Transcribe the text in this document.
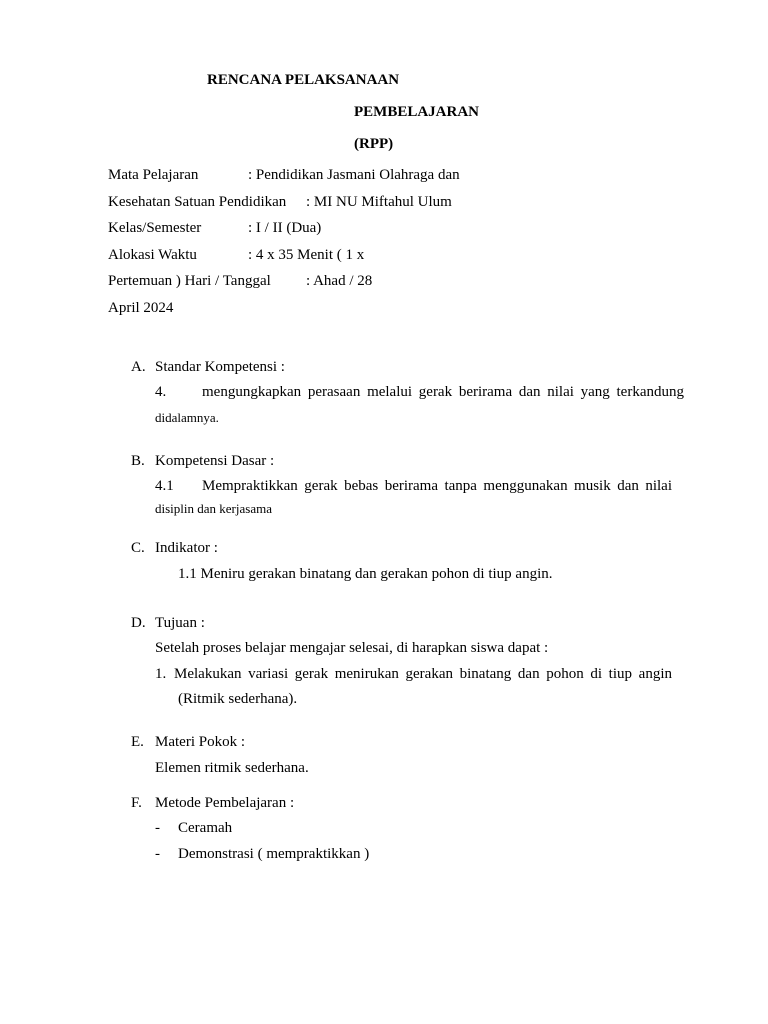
RENCANA PELAKSANAAN
PEMBELAJARAN
(RPP)
Mata Pelajaran	: Pendidikan Jasmani Olahraga dan
Kesehatan Satuan Pendidikan : MI NU Miftahul Ulum
Kelas/Semester	: I / II (Dua)
Alokasi Waktu	: 4 x 35 Menit ( 1 x
Pertemuan ) Hari / Tanggal : Ahad / 28
April 2024
A. Standar Kompetensi :
4. mengungkapkan perasaan melalui gerak berirama dan nilai yang terkandung
didalamnya.
B. Kompetensi Dasar :
4.1 Mempraktikkan gerak bebas berirama tanpa menggunakan musik dan nilai
disiplin dan kerjasama
C. Indikator :
1.1 Meniru gerakan binatang dan gerakan pohon di tiup angin.
D. Tujuan :
Setelah proses belajar mengajar selesai, di harapkan siswa dapat :
1. Melakukan variasi gerak menirukan gerakan binatang dan pohon di tiup angin
(Ritmik sederhana).
E. Materi Pokok :
Elemen ritmik sederhana.
F. Metode Pembelajaran :
- Ceramah
- Demonstrasi ( mempraktikkan )
